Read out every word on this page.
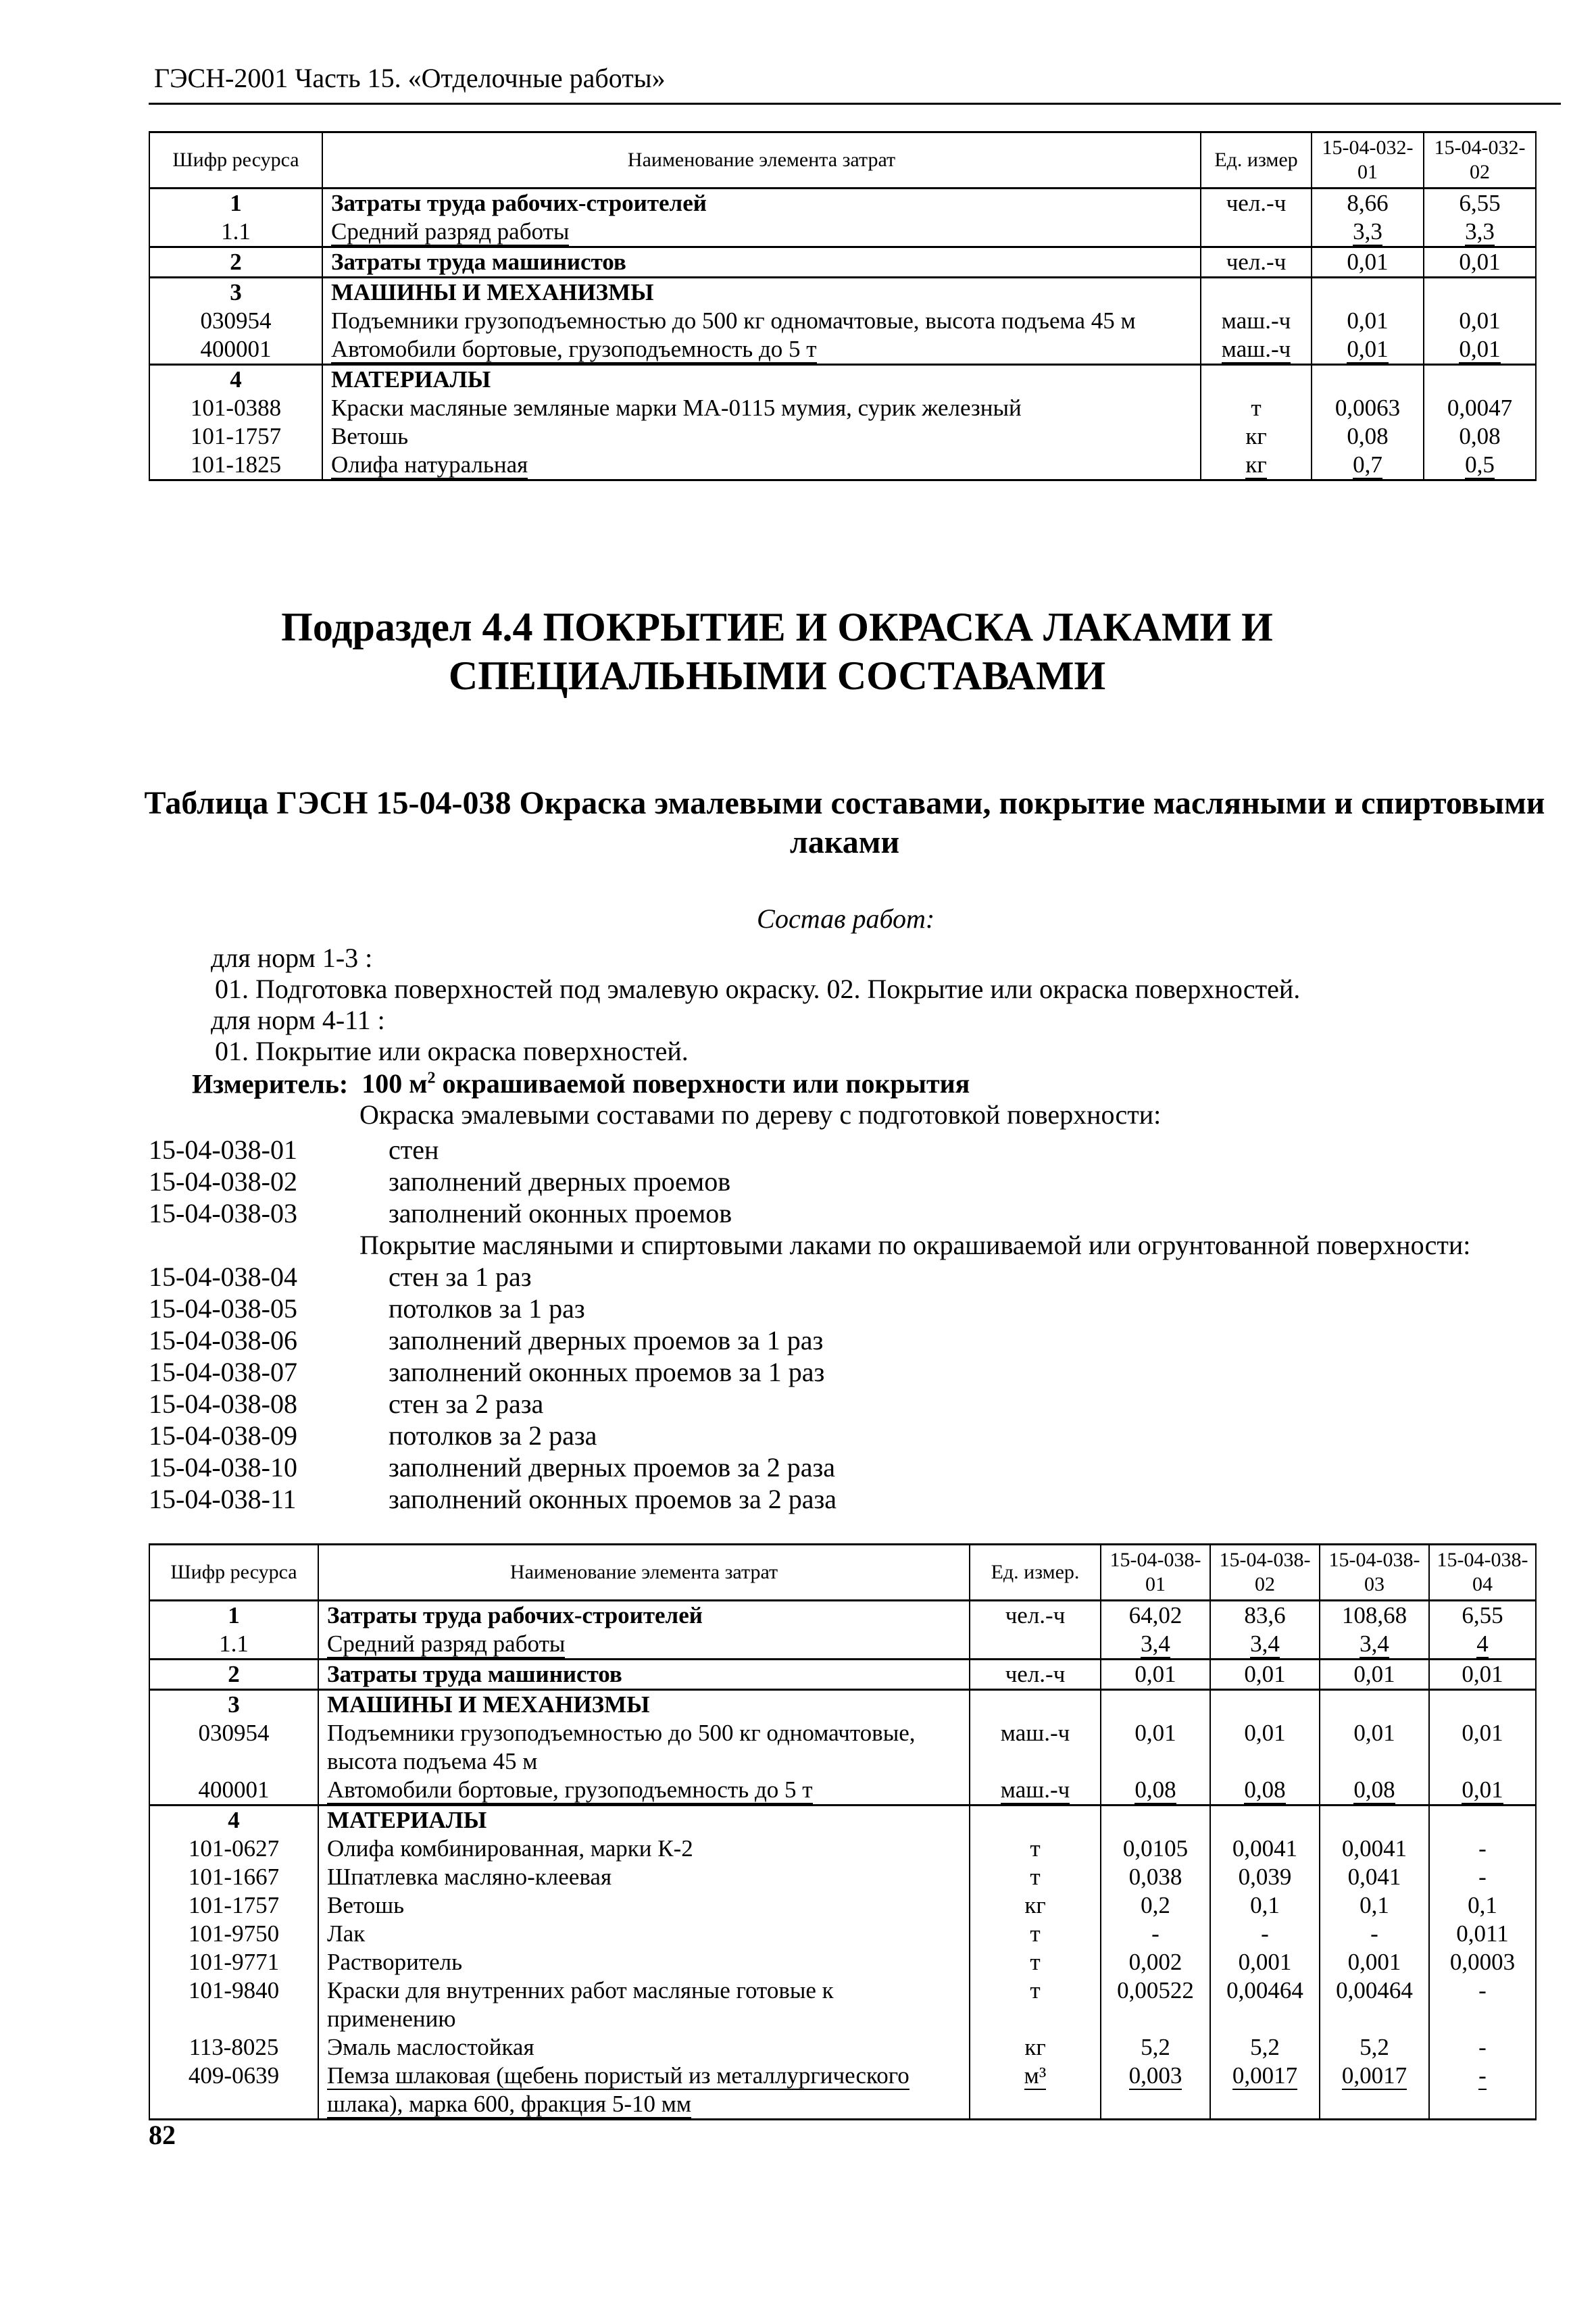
ГЭСН-2001 Часть 15. «Отделочные работы»
Шифр ресурса	Наименование элемента затрат	Ед. измер	15-04-032-01	15-04-032-02
1	Затраты труда рабочих-строителей	чел.-ч	8,66	6,55
1.1	Средний разряд работы		3,3	3,3
2	Затраты труда машинистов	чел.-ч	0,01	0,01
3	МАШИНЫ И МЕХАНИЗМЫ			
030954	Подъемники грузоподъемностью до 500 кг одномачтовые, высота подъема 45 м	маш.-ч	0,01	0,01
400001	Автомобили бортовые, грузоподъемность до 5 т	маш.-ч	0,01	0,01
4	МАТЕРИАЛЫ			
101-0388	Краски масляные земляные марки МА-0115 мумия, сурик железный	т	0,0063	0,0047
101-1757	Ветошь	кг	0,08	0,08
101-1825	Олифа натуральная	кг	0,7	0,5
Подраздел 4.4 ПОКРЫТИЕ И ОКРАСКА ЛАКАМИ И СПЕЦИАЛЬНЫМИ СОСТАВАМИ
Таблица ГЭСН 15-04-038 Окраска эмалевыми составами, покрытие масляными и спиртовыми лаками
Состав работ:
для норм 1-3 :
01. Подготовка поверхностей под эмалевую окраску. 02. Покрытие или окраска поверхностей.
для норм 4-11 :
01. Покрытие или окраска поверхностей.
Измеритель: 100 $м^2$ окрашиваемой поверхности или покрытия
Окраска эмалевыми составами по дереву с подготовкой поверхности:
15-04-038-01	стен
15-04-038-02	заполнений дверных проемов
15-04-038-03	заполнений оконных проемов
Покрытие масляными и спиртовыми лаками по окрашиваемой или огрунтованной поверхности:
15-04-038-04	стен за 1 раз
15-04-038-05	потолков за 1 раз
15-04-038-06	заполнений дверных проемов за 1 раз
15-04-038-07	заполнений оконных проемов за 1 раз
15-04-038-08	стен за 2 раза
15-04-038-09	потолков за 2 раза
15-04-038-10	заполнений дверных проемов за 2 раза
15-04-038-11	заполнений оконных проемов за 2 раза
Шифр ресурса	Наименование элемента затрат	Ед. измер.	15-04-038-01	15-04-038-02	15-04-038-03	15-04-038-04
1	Затраты труда рабочих-строителей	чел.-ч	64,02	83,6	108,68	6,55
1.1	Средний разряд работы		3,4	3,4	3,4	4
2	Затраты труда машинистов	чел.-ч	0,01	0,01	0,01	0,01
3	МАШИНЫ И МЕХАНИЗМЫ					
030954	Подъемники грузоподъемностью до 500 кг одномачтовые, высота подъема 45 м	маш.-ч	0,01	0,01	0,01	0,01
400001	Автомобили бортовые, грузоподъемность до 5 т	маш.-ч	0,08	0,08	0,08	0,01
4	МАТЕРИАЛЫ					
101-0627	Олифа комбинированная, марки К-2	т	0,0105	0,0041	0,0041	-
101-1667	Шпатлевка масляно-клеевая	т	0,038	0,039	0,041	-
101-1757	Ветошь	кг	0,2	0,1	0,1	0,1
101-9750	Лак	т	-	-	-	0,011
101-9771	Растворитель	т	0,002	0,001	0,001	0,0003
101-9840	Краски для внутренних работ масляные готовые к применению	т	0,00522	0,00464	0,00464	-
113-8025	Эмаль маслостойкая	кг	5,2	5,2	5,2	-
409-0639	Пемза шлаковая (щебень пористый из металлургического шлака), марка 600, фракция 5-10 мм	м³	0,003	0,0017	0,0017	-
82
